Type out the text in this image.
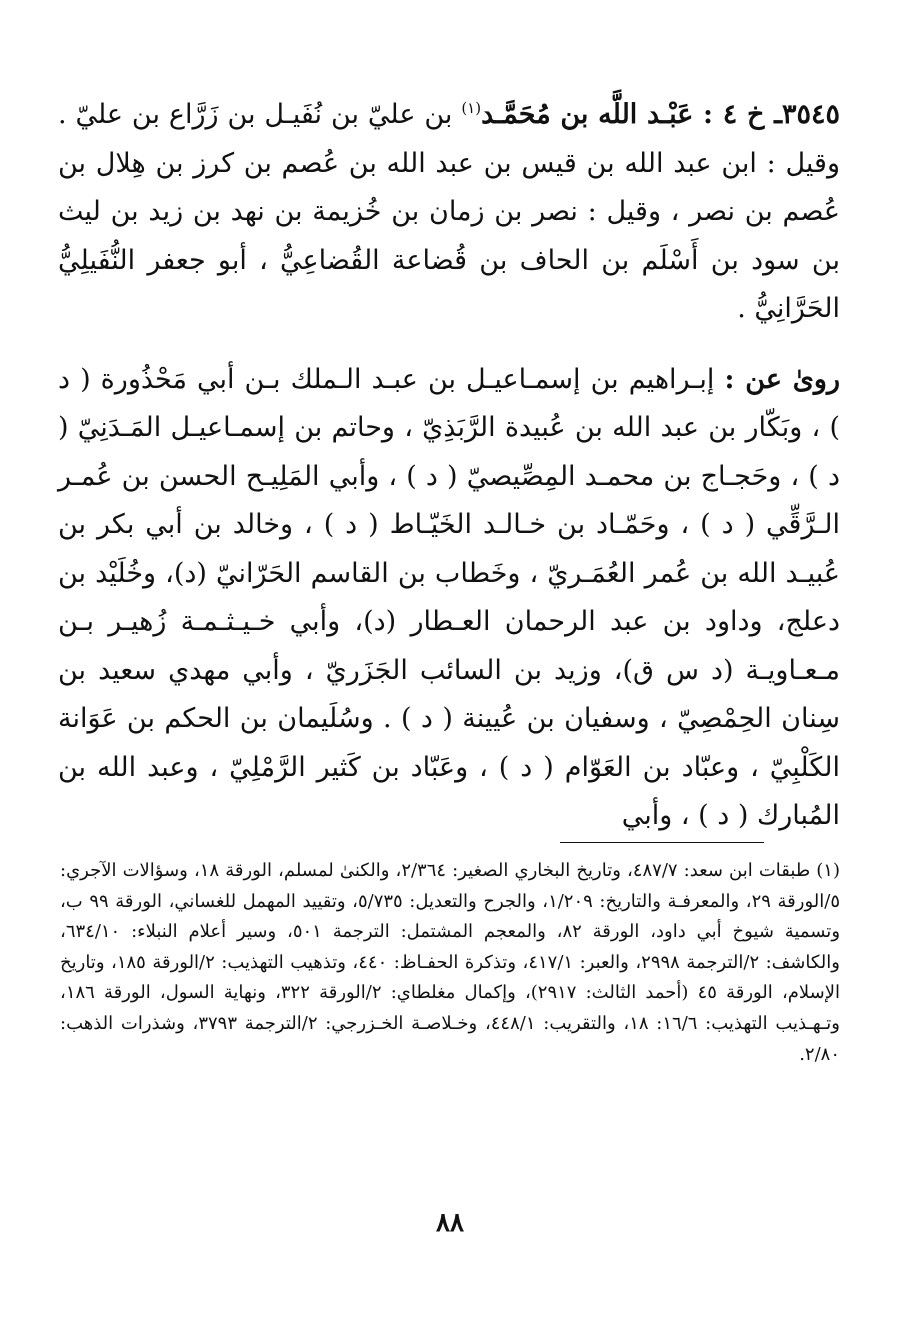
٣٥٤٥ـ خ ٤ : عَبْـد اللَّه بن مُحَمَّـد$^{(١)}$ بن عليّ بن نُفَيـل بن زَرَّاع بن عليّ . وقيل : ابن عبد الله بن قيس بن عبد الله بن عُصم بن كرز بن هِلال بن عُصم بن نصر ، وقيل : نصر بن زمان بن خُزيمة بن نهد بن زيد بن ليث بن سود بن أَسْلَم بن الحاف بن قُضاعة القُضاعِيُّ ، أبو جعفر النُّفَيلِيُّ الحَرَّانِيُّ .

روىٰ عن : إبـراهيم بن إسمـاعيـل بن عبـد الـملك بـن أبي مَحْذُورة ( د ) ، وبَكّار بن عبد الله بن عُبيدة الرَّبَذِيّ ، وحاتم بن إسمـاعيـل المَـدَنِيّ ( د ) ، وحَجـاج بن محمـد المِصِّيصيّ ( د ) ، وأبي المَلِيـح الحسن بن عُمـر الـرَّقِّي ( د ) ، وحَمّـاد بن خـالـد الخَيّـاط ( د ) ، وخالد بن أبي بكر بن عُبيـد الله بن عُمر العُمَـريّ ، وخَطاب بن القاسم الحَرّانيّ (د)، وخُلَيْد بن دعلج، وداود بن عبد الرحمان العـطار (د)، وأبي خـيـثـمـة زُهيـر بـن مـعـاويـة (د س ق)، وزيد بن السائب الجَزَريّ ، وأبي مهدي سعيد بن سِنان الحِمْصِيّ ، وسفيان بن عُيينة ( د ) . وسُلَيمان بن الحكم بن عَوَانة الكَلْبِيّ ، وعبّاد بن العَوّام ( د ) ، وعَبّاد بن كَثير الرَّمْلِيّ ، وعبد الله بن المُبارك ( د ) ، وأبي

(١) طبقات ابن سعد: ٤٨٧/٧، وتاريخ البخاري الصغير: ٢/٣٦٤، والكنىٰ لمسلم، الورقة ١٨، وسؤالات الآجري: ٥/الورقة ٢٩، والمعرفـة والتاريخ: ١/٢٠٩، والجرح والتعديل: ٥/٧٣٥، وتقييد المهمل للغساني، الورقة ٩٩ ب، وتسمية شيوخ أبي داود، الورقة ٨٢، والمعجم المشتمل: الترجمة ٥٠١، وسير أعلام النبلاء: ٦٣٤/١٠، والكاشف: ٢/الترجمة ٢٩٩٨، والعبر: ٤١٧/١، وتذكرة الحفـاظ: ٤٤٠، وتذهيب التهذيب: ٢/الورقة ١٨٥، وتاريخ الإسلام، الورقة ٤٥ (أحمد الثالث: ٢٩١٧)، وإكمال مغلطاي: ٢/الورقة ٣٢٢، ونهاية السول، الورقة ١٨٦، وتـهـذيب التهذيب: ١٦/٦: ١٨، والتقريب: ٤٤٨/١، وخـلاصـة الخـزرجي: ٢/الترجمة ٣٧٩٣، وشذرات الذهب: ٢/٨٠.

٨٨
